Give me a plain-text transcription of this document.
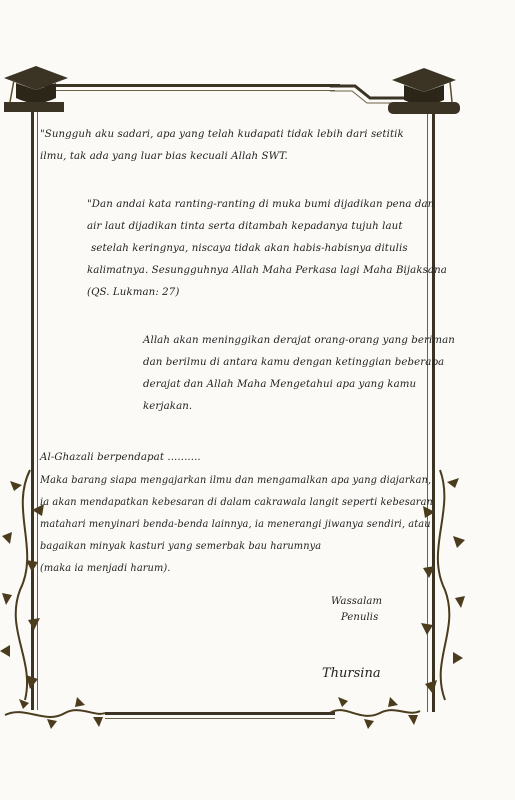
"Sungguh aku sadari, apa yang telah kudapati tidak lebih dari setitik

ilmu, tak ada yang luar bias kecuali Allah SWT.

"Dan andai kata ranting-ranting di muka bumi dijadikan pena dan

air laut dijadikan tinta serta ditambah kepadanya tujuh laut

setelah keringnya, niscaya tidak akan habis-habisnya ditulis

kalimatnya. Sesungguhnya Allah Maha Perkasa lagi Maha Bijaksana

(QS. Lukman: 27)

Allah akan meninggikan derajat orang-orang yang beriman

dan berilmu di antara kamu dengan ketinggian beberapa

derajat dan Allah Maha Mengetahui apa yang kamu

kerjakan.

Al-Ghazali berpendapat ..........

Maka barang siapa mengajarkan ilmu dan mengamalkan apa yang diajarkan,

ia akan mendapatkan kebesaran di dalam cakrawala langit seperti kebesaran

matahari menyinari benda-benda lainnya, ia menerangi jiwanya sendiri, atau

bagaikan minyak kasturi yang semerbak bau harumnya

(maka ia menjadi harum).

Wassalam
Penulis
Thursina
